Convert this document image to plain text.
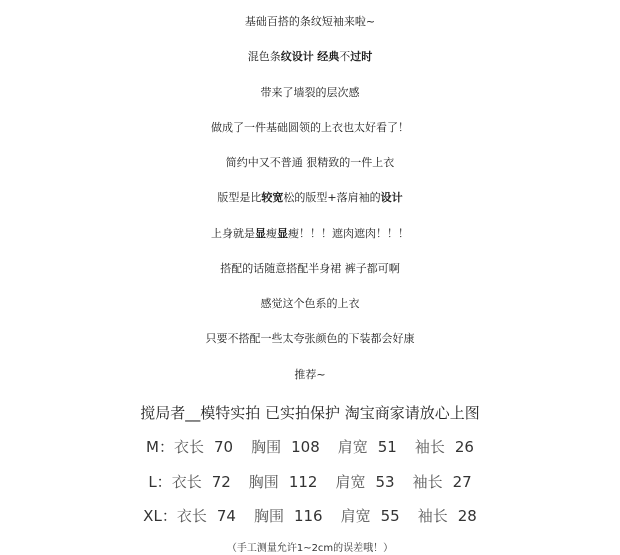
基础百搭的条纹短袖来啦~
混色条纹设计 经典不过时
带来了墙裂的层次感
做成了一件基础圆领的上衣也太好看了！
简约中又不普通 狠精致的一件上衣
版型是比较宽松的版型+落肩袖的设计
上身就是显瘦显瘦！！！遮肉遮肉！！！
搭配的话随意搭配半身裙 裤子都可啊
感觉这个色系的上衣
只要不搭配一些太夸张颜色的下装都会好康
推荐~
搅局者__模特实拍 已实拍保护 淘宝商家请放心上图
M：衣长 70 胸围 108 肩宽 51 袖长 26
L：衣长 72 胸围 112 肩宽 53 袖长 27
XL：衣长 74 胸围 116 肩宽 55 袖长 28
（手工测量允许1~2cm的误差哦！）
